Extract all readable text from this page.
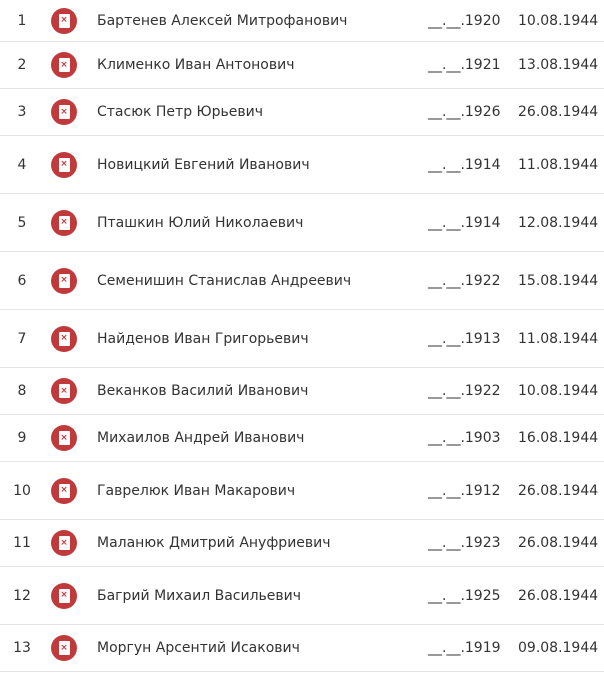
1	× Бартенев Алексей Митрофанович	__.__.1920 10.08.1944
2	× Клименко Иван Антонович	__.__.1921 13.08.1944
3	× Стасюк Петр Юрьевич	__.__.1926 26.08.1944
4	× Новицкий Евгений Иванович	__.__.1914 11.08.1944
5	× Пташкин Юлий Николаевич	__.__.1914 12.08.1944
6	× Семенишин Станислав Андреевич	__.__.1922 15.08.1944
7	× Найденов Иван Григорьевич	__.__.1913 11.08.1944
8	× Веканков Василий Иванович	__.__.1922 10.08.1944
9	× Михаилов Андрей Иванович	__.__.1903 16.08.1944
10	× Гаврелюк Иван Макарович	__.__.1912 26.08.1944
11	× Маланюк Дмитрий Ануфриевич	__.__.1923 26.08.1944
12	× Багрий Михаил Васильевич	__.__.1925 26.08.1944
13	× Моргун Арсентий Исакович	__.__.1919 09.08.1944
